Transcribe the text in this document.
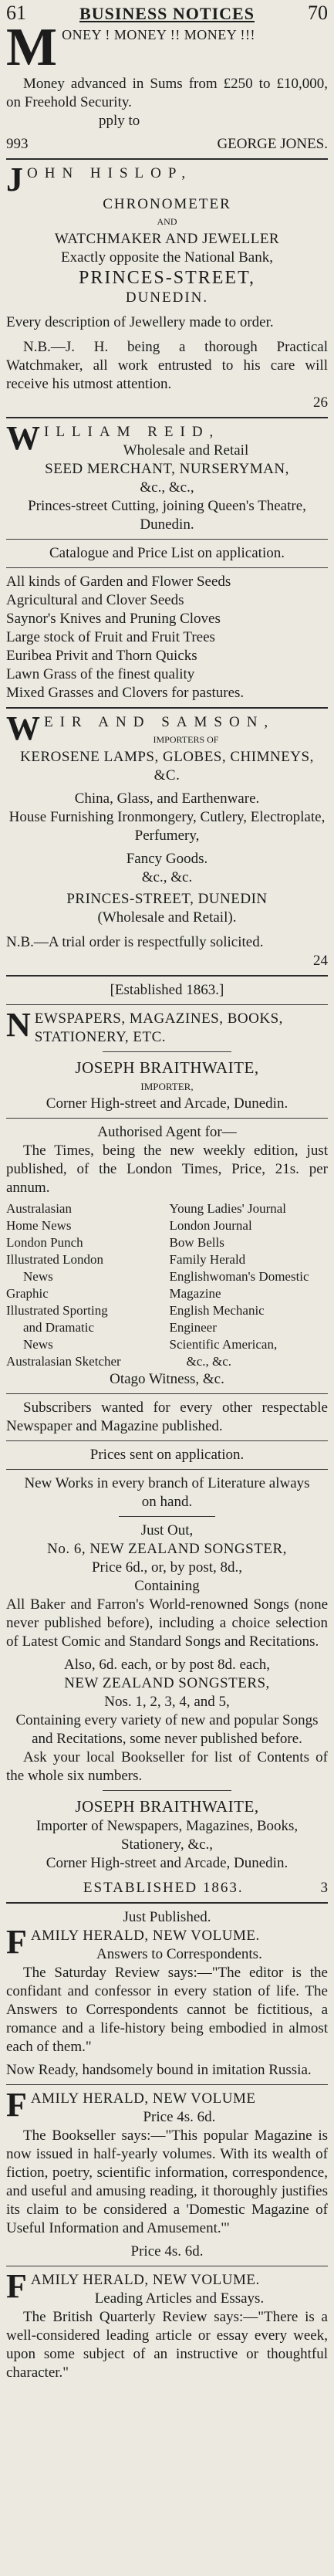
61	BUSINESS NOTICES	70
M ONEY ! MONEY !! MONEY !!!

Money advanced in Sums from £250 to £10,000, on Freehold Security.

pply to

993	GEORGE JONES.
J OHN HISLOP,

CHRONOMETER

AND

WATCHMAKER AND JEWELLER

Exactly opposite the National Bank,

PRINCES-STREET,

DUNEDIN.

Every description of Jewellery made to order.

N.B.—J. H. being a thorough Practical Watchmaker, all work entrusted to his care will receive his utmost attention.

26

W ILLIAM REID,

Wholesale and Retail

SEED MERCHANT, NURSERYMAN,

&c., &c.,

Princes-street Cutting, joining Queen's Theatre, Dunedin.

Catalogue and Price List on application.

All kinds of Garden and Flower Seeds
Agricultural and Clover Seeds
Saynor's Knives and Pruning Cloves
Large stock of Fruit and Fruit Trees
Euribea Privit and Thorn Quicks
Lawn Grass of the finest quality
Mixed Grasses and Clovers for pastures.
W EIR AND SAMSON,

IMPORTERS OF

KEROSENE LAMPS, GLOBES, CHIMNEYS, &C.

China, Glass, and Earthenware.

House Furnishing Ironmongery, Cutlery, Electroplate, Perfumery,

Fancy Goods.

&c., &c.

PRINCES-STREET, DUNEDIN

(Wholesale and Retail).

N.B.—A trial order is respectfully solicited.

24

[Established 1863.]

N EWSPAPERS, MAGAZINES, BOOKS, STATIONERY, ETC.

JOSEPH BRAITHWAITE,

IMPORTER,

Corner High-street and Arcade, Dunedin.

Authorised Agent for—

The Times, being the new weekly edition, just published, of the London Times, Price, 21s. per annum.

Australasian
Home News
London Punch
Illustrated London
News
Graphic
Illustrated Sporting
and Dramatic
News
Australasian Sketcher
Young Ladies' Journal
London Journal
Bow Bells
Family Herald
Englishwoman's Domestic Magazine
English Mechanic
Engineer
Scientific American,
&c., &c.

Otago Witness, &c.

Subscribers wanted for every other respectable Newspaper and Magazine published.

Prices sent on application.

New Works in every branch of Literature always on hand.

Just Out,

No. 6, NEW ZEALAND SONGSTER,

Price 6d., or, by post, 8d.,

Containing

All Baker and Farron's World-renowned Songs (none never published before), including a choice selection of Latest Comic and Standard Songs and Recitations.

Also, 6d. each, or by post 8d. each,

NEW ZEALAND SONGSTERS,

Nos. 1, 2, 3, 4, and 5,

Containing every variety of new and popular Songs and Recitations, some never published before.

Ask your local Bookseller for list of Contents of the whole six numbers.

JOSEPH BRAITHWAITE,

Importer of Newspapers, Magazines, Books, Stationery, &c.,

Corner High-street and Arcade, Dunedin.

ESTABLISHED 1863.	3

Just Published.

F AMILY HERALD, NEW VOLUME.

Answers to Correspondents.

The Saturday Review says:—"The editor is the confidant and confessor in every station of life. The Answers to Correspondents cannot be fictitious, a romance and a life-history being embodied in almost each of them."

Now Ready, handsomely bound in imitation Russia.

F AMILY HERALD, NEW VOLUME

Price 4s. 6d.

The Bookseller says:—"This popular Magazine is now issued in half-yearly volumes. With its wealth of fiction, poetry, scientific information, correspondence, and useful and amusing reading, it thoroughly justifies its claim to be considered a 'Domestic Magazine of Useful Information and Amusement.'"

Price 4s. 6d.

F AMILY HERALD, NEW VOLUME.

Leading Articles and Essays.

The British Quarterly Review says:—"There is a well-considered leading article or essay every week, upon some subject of an instructive or thoughtful character."
